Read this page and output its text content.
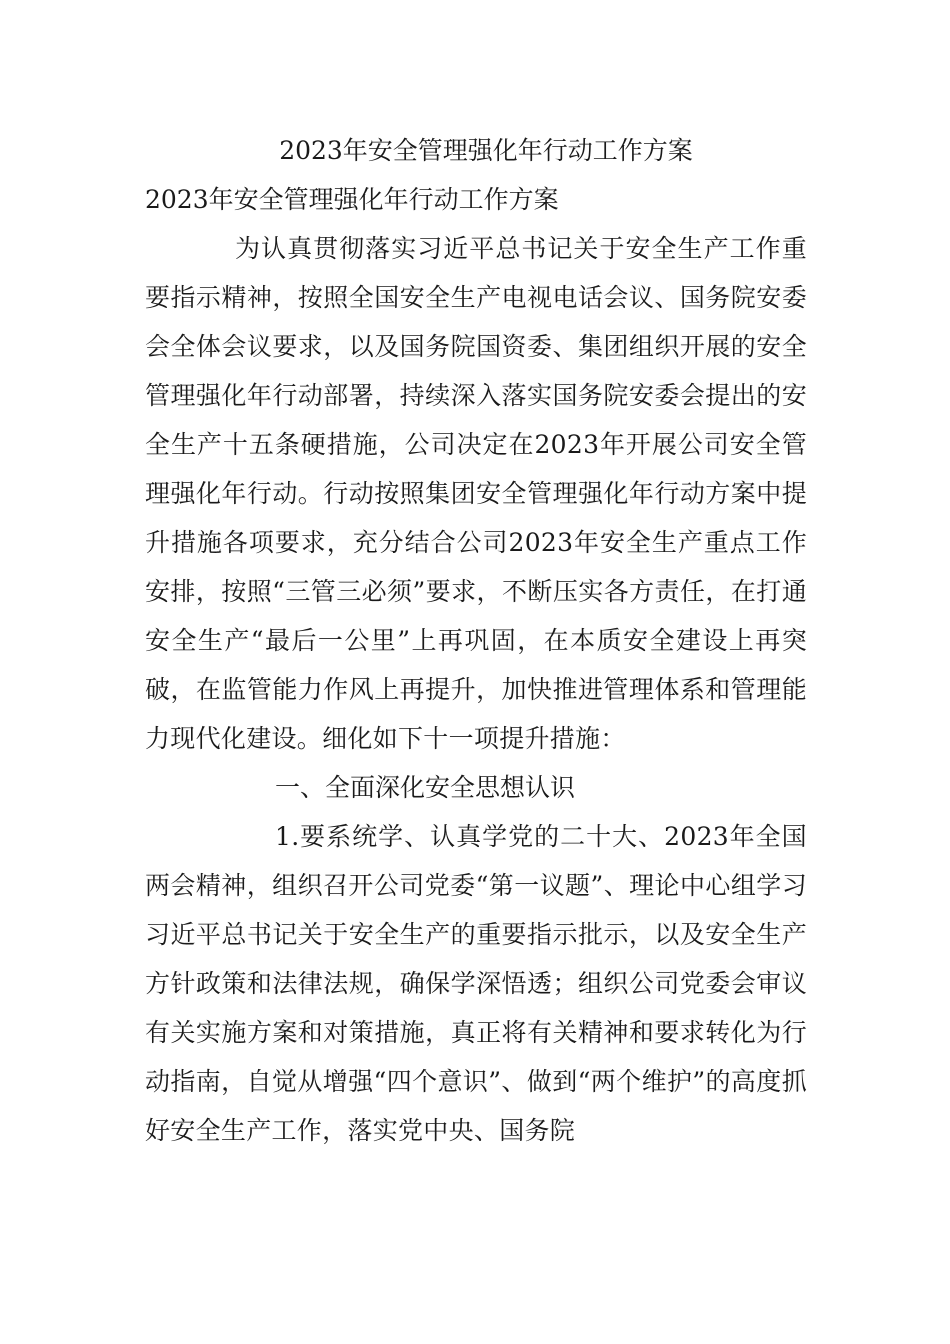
2023年安全管理强化年行动工作方案
2023年安全管理强化年行动工作方案

为认真贯彻落实习近平总书记关于安全生产工作重要指示精神，按照全国安全生产电视电话会议、国务院安委会全体会议要求，以及国务院国资委、集团组织开展的安全管理强化年行动部署，持续深入落实国务院安委会提出的安全生产十五条硬措施，公司决定在2023年开展公司安全管理强化年行动。行动按照集团安全管理强化年行动方案中提升措施各项要求，充分结合公司2023年安全生产重点工作安排，按照“三管三必须”要求，不断压实各方责任，在打通安全生产“最后一公里”上再巩固，在本质安全建设上再突破，在监管能力作风上再提升，加快推进管理体系和管理能力现代化建设。细化如下十一项提升措施：

一、全面深化安全思想认识

1.要系统学、认真学党的二十大、2023年全国两会精神，组织召开公司党委“第一议题”、理论中心组学习习近平总书记关于安全生产的重要指示批示，以及安全生产方针政策和法律法规，确保学深悟透；组织公司党委会审议有关实施方案和对策措施，真正将有关精神和要求转化为行动指南，自觉从增强“四个意识”、做到“两个维护”的高度抓好安全生产工作，落实党中央、国务院
